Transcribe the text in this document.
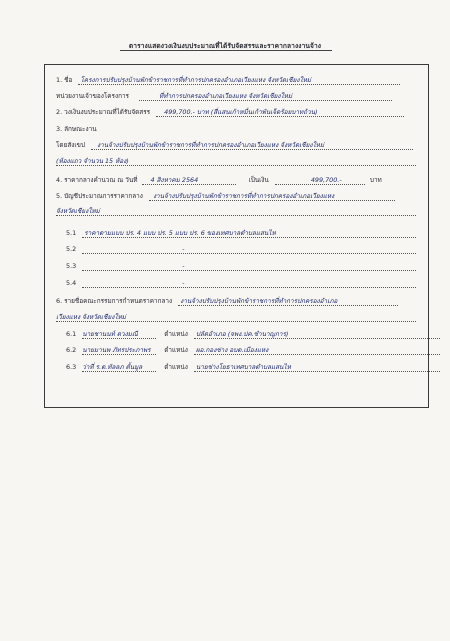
ตารางแสดงวงเงินงบประมาณที่ได้รับจัดสรรและราคากลางงานจ้าง
1. ชื่อ โครงการปรับปรุงบ้านพักข้าราชการที่ทำการปกครองอำเภอเวียงแหง จังหวัดเชียงใหม่
หน่วยงานเจ้าของโครงการ	ที่ทำการปกครองอำเภอเวียงแหง จังหวัดเชียงใหม่
2. วงเงินงบประมาณที่ได้รับจัดสรร 499,700.- บาท (สี่แสนเก้าหมื่นเก้าพันเจ็ดร้อยบาทถ้วน)
3. ลักษณะงาน
โดยสังเขป งานจ้างปรับปรุงบ้านพักข้าราชการที่ทำการปกครองอำเภอเวียงแหง จังหวัดเชียงใหม่
(ห้องแถว จำนวน 15 ห้อง)
4. ราคากลางคำนวณ ณ วันที่ 4 สิงหาคม 2564	เป็นเงิน	499,700.-	บาท
5. บัญชีประมาณการราคากลาง งานจ้างปรับปรุงบ้านพักข้าราชการที่ทำการปกครองอำเภอเวียงแหง
จังหวัดเชียงใหม่
5.1 ราคาตามแบบ ปร. 4 แบบ ปร. 5 แบบ ปร. 6 ของเทศบาลตำบลแสนไห
5.2	-
5.3	-
5.4	-
6. รายชื่อคณะกรรมการกำหนดราคากลาง งานจ้างปรับปรุงบ้านพักข้าราชการที่ทำการปกครองอำเภอ
เวียงแหง จังหวัดเชียงใหม่
6.1 นายชานนท์ ดวงมณี	ตำแหน่ง ปลัดอำเภอ (จพง.ปค.ชำนาญการ)
6.2 นายมานพ ภัทรประภาพร ตำแหน่ง ผอ.กองช่าง อบต.เมืองแหง
6.3 ว่าที่ ร.ต.ทัลลภ ตั้นมูล	ตำแหน่ง นายช่างโยธาเทศบาลตำบลแสนไห
